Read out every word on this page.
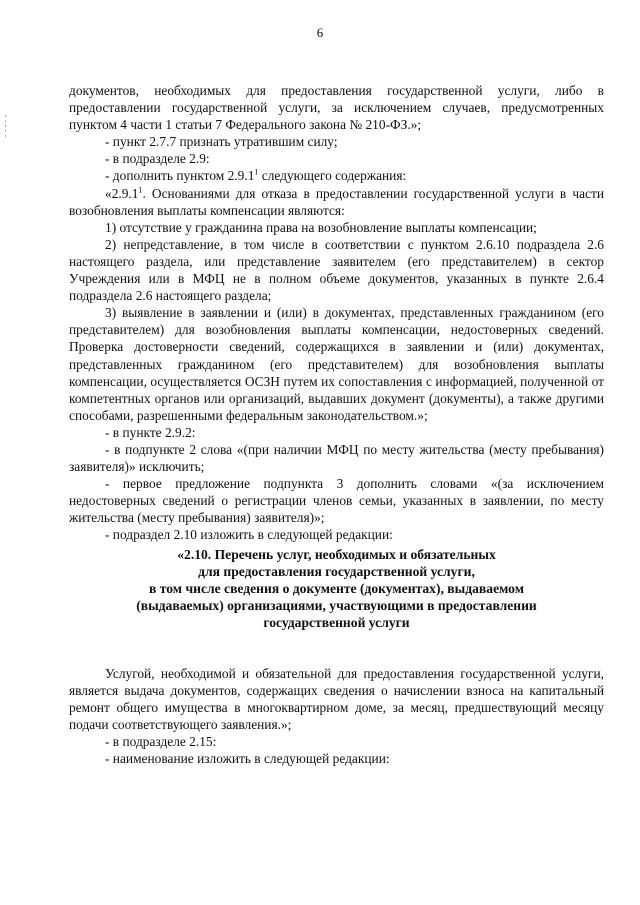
6

документов, необходимых для предоставления государственной услуги, либо в предоставлении государственной услуги, за исключением случаев, предусмотренных пунктом 4 части 1 статьи 7 Федерального закона № 210-ФЗ.»;

- пункт 2.7.7 признать утратившим силу;

- в подразделе 2.9:

- дополнить пунктом 2.9.1$^1$ следующего содержания:

«2.9.1$^1$. Основаниями для отказа в предоставлении государственной услуги в части возобновления выплаты компенсации являются:

1) отсутствие у гражданина права на возобновление выплаты компенсации;

2) непредставление, в том числе в соответствии с пунктом 2.6.10 подраздела 2.6 настоящего раздела, или представление заявителем (его представителем) в сектор Учреждения или в МФЦ не в полном объеме документов, указанных в пункте 2.6.4 подраздела 2.6 настоящего раздела;

3) выявление в заявлении и (или) в документах, представленных гражданином (его представителем) для возобновления выплаты компенсации, недостоверных сведений. Проверка достоверности сведений, содержащихся в заявлении и (или) документах, представленных гражданином (его представителем) для возобновления выплаты компенсации, осуществляется ОСЗН путем их сопоставления с информацией, полученной от компетентных органов или организаций, выдавших документ (документы), а также другими способами, разрешенными федеральным законодательством.»;

- в пункте 2.9.2:

- в подпункте 2 слова «(при наличии МФЦ по месту жительства (месту пребывания) заявителя)» исключить;

- первое предложение подпункта 3 дополнить словами «(за исключением недостоверных сведений о регистрации членов семьи, указанных в заявлении, по месту жительства (месту пребывания) заявителя)»;

- подраздел 2.10 изложить в следующей редакции:

«2.10. Перечень услуг, необходимых и обязательных

для предоставления государственной услуги,

в том числе сведения о документе (документах), выдаваемом

(выдаваемых) организациями, участвующими в предоставлении

государственной услуги

Услугой, необходимой и обязательной для предоставления государственной услуги, является выдача документов, содержащих сведения о начислении взноса на капитальный ремонт общего имущества в многоквартирном доме, за месяц, предшествующий месяцу подачи соответствующего заявления.»;

- в подразделе 2.15:

- наименование изложить в следующей редакции:
